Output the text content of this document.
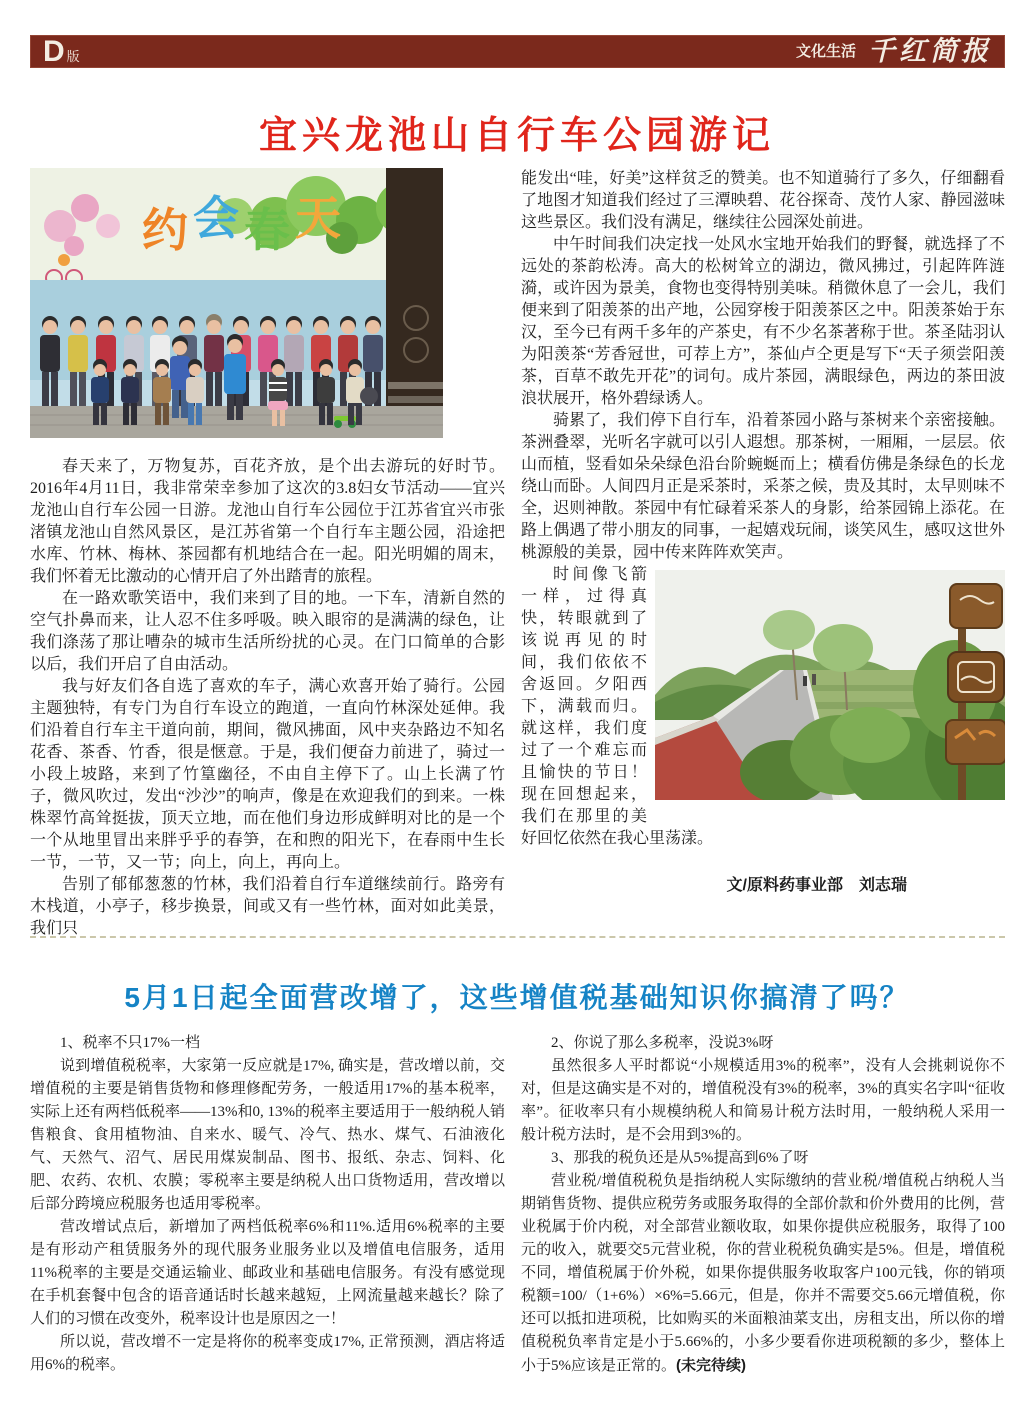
D 版	文化生活 千红简报
宜兴龙池山自行车公园游记
约 会 春 天

春天来了，万物复苏，百花齐放，是个出去游玩的好时节。2016年4月11日，我非常荣幸参加了这次的3.8妇女节活动——宜兴龙池山自行车公园一日游。龙池山自行车公园位于江苏省宜兴市张渚镇龙池山自然风景区，是江苏省第一个自行车主题公园，沿途把水库、竹林、梅林、茶园都有机地结合在一起。阳光明媚的周末，我们怀着无比激动的心情开启了外出踏青的旅程。

在一路欢歌笑语中，我们来到了目的地。一下车，清新自然的空气扑鼻而来，让人忍不住多呼吸。映入眼帘的是满满的绿色，让我们涤荡了那让嘈杂的城市生活所纷扰的心灵。在门口简单的合影以后，我们开启了自由活动。

我与好友们各自选了喜欢的车子，满心欢喜开始了骑行。公园主题独特，有专门为自行车设立的跑道，一直向竹林深处延伸。我们沿着自行车主干道向前，期间，微风拂面，风中夹杂路边不知名花香、茶香、竹香，很是惬意。于是，我们便奋力前进了，骑过一小段上坡路，来到了竹篁幽径，不由自主停下了。山上长满了竹子，微风吹过，发出“沙沙”的响声，像是在欢迎我们的到来。一株株翠竹高耸挺拔，顶天立地，而在他们身边形成鲜明对比的是一个一个从地里冒出来胖乎乎的春笋，在和煦的阳光下，在春雨中生长一节，一节，又一节；向上，向上，再向上。

告别了郁郁葱葱的竹林，我们沿着自行车道继续前行。路旁有木栈道，小亭子，移步换景，间或又有一些竹林，面对如此美景，我们只

能发出“哇，好美”这样贫乏的赞美。也不知道骑行了多久，仔细翻看了地图才知道我们经过了三潭映碧、花谷探奇、茂竹人家、静园滋味这些景区。我们没有满足，继续往公园深处前进。

中午时间我们决定找一处风水宝地开始我们的野餐，就选择了不远处的茶韵松涛。高大的松树耸立的湖边，微风拂过，引起阵阵涟漪，或许因为景美，食物也变得特别美味。稍微休息了一会儿，我们便来到了阳羡茶的出产地，公园穿梭于阳羡茶区之中。阳羡茶始于东汉，至今已有两千多年的产茶史，有不少名茶著称于世。茶圣陆羽认为阳羡茶“芳香冠世，可荐上方”，茶仙卢仝更是写下“天子须尝阳羡茶，百草不敢先开花”的词句。成片茶园，满眼绿色，两边的茶田波浪状展开，格外碧绿诱人。

骑累了，我们停下自行车，沿着茶园小路与茶树来个亲密接触。茶洲叠翠，光听名字就可以引人遐想。那茶树，一厢厢，一层层。依山而植，竖看如朵朵绿色沿台阶蜿蜒而上；横看仿佛是条绿色的长龙绕山而卧。人间四月正是采茶时，采茶之候，贵及其时，太早则味不全，迟则神散。茶园中有忙碌着采茶人的身影，给茶园锦上添花。在路上偶遇了带小朋友的同事，一起嬉戏玩闹，谈笑风生，感叹这世外桃源般的美景，园中传来阵阵欢笑声。

时间像飞箭一样，过得真快，转眼就到了该说再见的时间，我们依依不舍返回。夕阳西下，满载而归。就这样，我们度过了一个难忘而且愉快的节日！现在回想起来，我们在那里的美好回忆依然在我心里荡漾。

文/原料药事业部　刘志瑞
5月1日起全面营改增了，这些增值税基础知识你搞清了吗？

1、税率不只17%一档

说到增值税税率，大家第一反应就是17%, 确实是，营改增以前，交增值税的主要是销售货物和修理修配劳务，一般适用17%的基本税率，实际上还有两档低税率——13%和0, 13%的税率主要适用于一般纳税人销售粮食、食用植物油、自来水、暖气、冷气、热水、煤气、石油液化气、天然气、沼气、居民用煤炭制品、图书、报纸、杂志、饲料、化肥、农药、农机、农膜；零税率主要是纳税人出口货物适用，营改增以后部分跨境应税服务也适用零税率。

营改增试点后，新增加了两档低税率6%和11%.适用6%税率的主要是有形动产租赁服务外的现代服务业服务业以及增值电信服务，适用11%税率的主要是交通运输业、邮政业和基础电信服务。有没有感觉现在手机套餐中包含的语音通话时长越来越短，上网流量越来越长？除了人们的习惯在改变外，税率设计也是原因之一！

所以说，营改增不一定是将你的税率变成17%, 正常预测，酒店将适用6%的税率。

2、你说了那么多税率，没说3%呀

虽然很多人平时都说“小规模适用3%的税率”，没有人会挑刺说你不对，但是这确实是不对的，增值税没有3%的税率，3%的真实名字叫“征收率”。征收率只有小规模纳税人和简易计税方法时用，一般纳税人采用一般计税方法时，是不会用到3%的。

3、那我的税负还是从5%提高到6%了呀

营业税/增值税税负是指纳税人实际缴纳的营业税/增值税占纳税人当期销售货物、提供应税劳务或服务取得的全部价款和价外费用的比例，营业税属于价内税，对全部营业额收取，如果你提供应税服务，取得了100元的收入，就要交5元营业税，你的营业税税负确实是5%。但是，增值税不同，增值税属于价外税，如果你提供服务收取客户100元钱，你的销项税额=100/（1+6%）×6%=5.66元，但是，你并不需要交5.66元增值税，你还可以抵扣进项税，比如购买的米面粮油菜支出，房租支出，所以你的增值税税负率肯定是小于5.66%的，小多少要看你进项税额的多少，整体上小于5%应该是正常的。(未完待续)
